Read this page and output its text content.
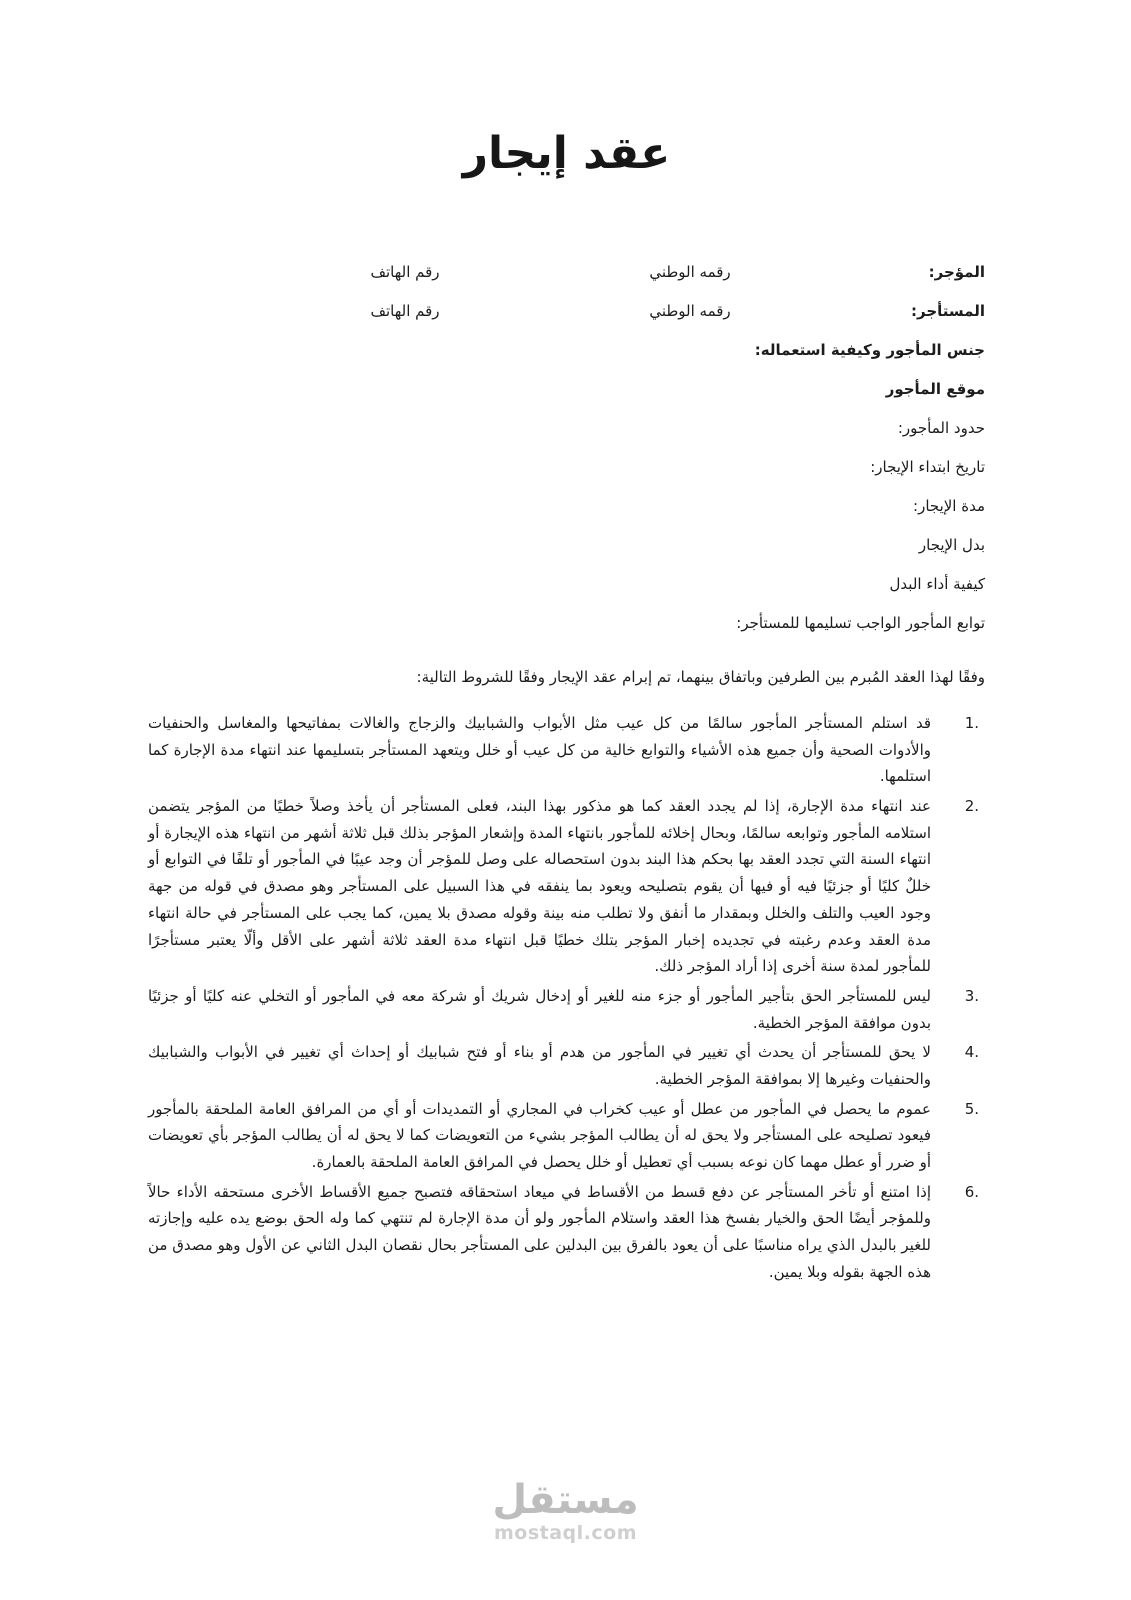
عقد إيجار
المؤجر:
رقمه الوطني
رقم الهاتف
المستأجر:
رقمه الوطني
رقم الهاتف
جنس المأجور وكيفية استعماله:
موقع المأجور
حدود المأجور:
تاريخ ابتداء الإيجار:
مدة الإيجار:
بدل الإيجار
كيفية أداء البدل
توابع المأجور الواجب تسليمها للمستأجر:

وفقًا لهذا العقد المُبرم بين الطرفين وباتفاق بينهما، تم إبرام عقد الإيجار وفقًا للشروط التالية:

1.
قد استلم المستأجر المأجور سالمًا من كل عيب مثل الأبواب والشبابيك والزجاج والغالات بمفاتيحها والمغاسل والحنفيات والأدوات الصحية وأن جميع هذه الأشياء والتوابع خالية من كل عيب أو خلل ويتعهد المستأجر بتسليمها عند انتهاء مدة الإجارة كما استلمها.
2.
عند انتهاء مدة الإجارة، إذا لم يجدد العقد كما هو مذكور بهذا البند، فعلى المستأجر أن يأخذ وصلاً خطيًا من المؤجر يتضمن استلامه المأجور وتوابعه سالمًا، وبحال إخلائه للمأجور بانتهاء المدة وإشعار المؤجر بذلك قبل ثلاثة أشهر من انتهاء هذه الإيجارة أو انتهاء السنة التي تجدد العقد بها بحكم هذا البند بدون استحصاله على وصل للمؤجر أن وجد عيبًا في المأجور أو تلفًا في التوابع أو خللٌ كليًا أو جزئيًا فيه أو فيها أن يقوم بتصليحه ويعود بما ينفقه في هذا السبيل على المستأجر وهو مصدق في قوله من جهة وجود العيب والتلف والخلل وبمقدار ما أنفق ولا تطلب منه بينة وقوله مصدق بلا يمين، كما يجب على المستأجر في حالة انتهاء مدة العقد وعدم رغبته في تجديده إخبار المؤجر بتلك خطيًا قبل انتهاء مدة العقد ثلاثة أشهر على الأقل وألّا يعتبر مستأجرًا للمأجور لمدة سنة أخرى إذا أراد المؤجر ذلك.
3.
ليس للمستأجر الحق بتأجير المأجور أو جزء منه للغير أو إدخال شريك أو شركة معه في المأجور أو التخلي عنه كليًا أو جزئيًا بدون موافقة المؤجر الخطية.
4.
لا يحق للمستأجر أن يحدث أي تغيير في المأجور من هدم أو بناء أو فتح شبابيك أو إحداث أي تغيير في الأبواب والشبابيك والحنفيات وغيرها إلا بموافقة المؤجر الخطية.
5.
عموم ما يحصل في المأجور من عطل أو عيب كخراب في المجاري أو التمديدات أو أي من المرافق العامة الملحقة بالمأجور فيعود تصليحه على المستأجر ولا يحق له أن يطالب المؤجر بشيء من التعويضات كما لا يحق له أن يطالب المؤجر بأي تعويضات أو ضرر أو عطل مهما كان نوعه بسبب أي تعطيل أو خلل يحصل في المرافق العامة الملحقة بالعمارة.
6.
إذا امتنع أو تأخر المستأجر عن دفع قسط من الأقساط في ميعاد استحقاقه فتصبح جميع الأقساط الأخرى مستحقه الأداء حالاً وللمؤجر أيضًا الحق والخيار بفسخ هذا العقد واستلام المأجور ولو أن مدة الإجارة لم تنتهي كما وله الحق بوضع يده عليه وإجازته للغير بالبدل الذي يراه مناسبًا على أن يعود بالفرق بين البدلين على المستأجر بحال نقصان البدل الثاني عن الأول وهو مصدق من هذه الجهة بقوله وبلا يمين.
مستقل
mostaql.com
